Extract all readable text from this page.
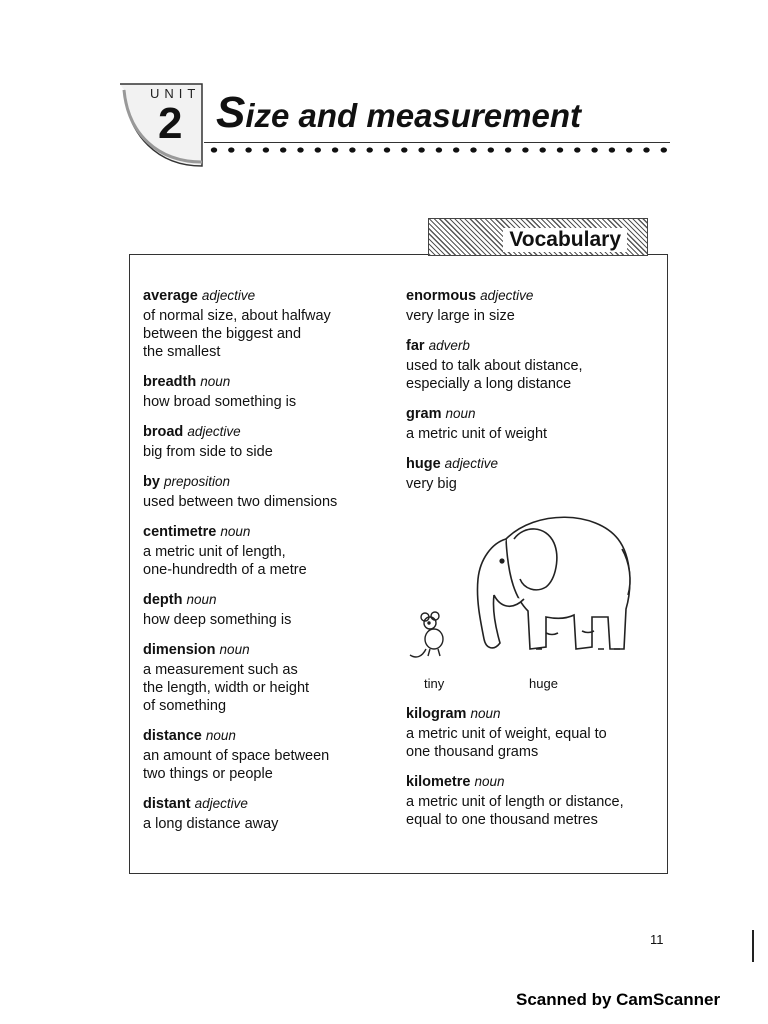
UNIT
2 Size and measurement
Vocabulary
average adjective
of normal size, about halfway
between the biggest and
the smallest
breadth noun
how broad something is
broad adjective
big from side to side
by preposition
used between two dimensions
centimetre noun
a metric unit of length,
one-hundredth of a metre
depth noun
how deep something is
dimension noun
a measurement such as
the length, width or height
of something
distance noun
an amount of space between
two things or people
distant adjective
a long distance away
enormous adjective
very large in size
far adverb
used to talk about distance,
especially a long distance
gram noun
a metric unit of weight
huge adjective
very big
tiny	huge
kilogram noun
a metric unit of weight, equal to
one thousand grams
kilometre noun
a metric unit of length or distance,
equal to one thousand metres
11
Scanned by CamScanner
